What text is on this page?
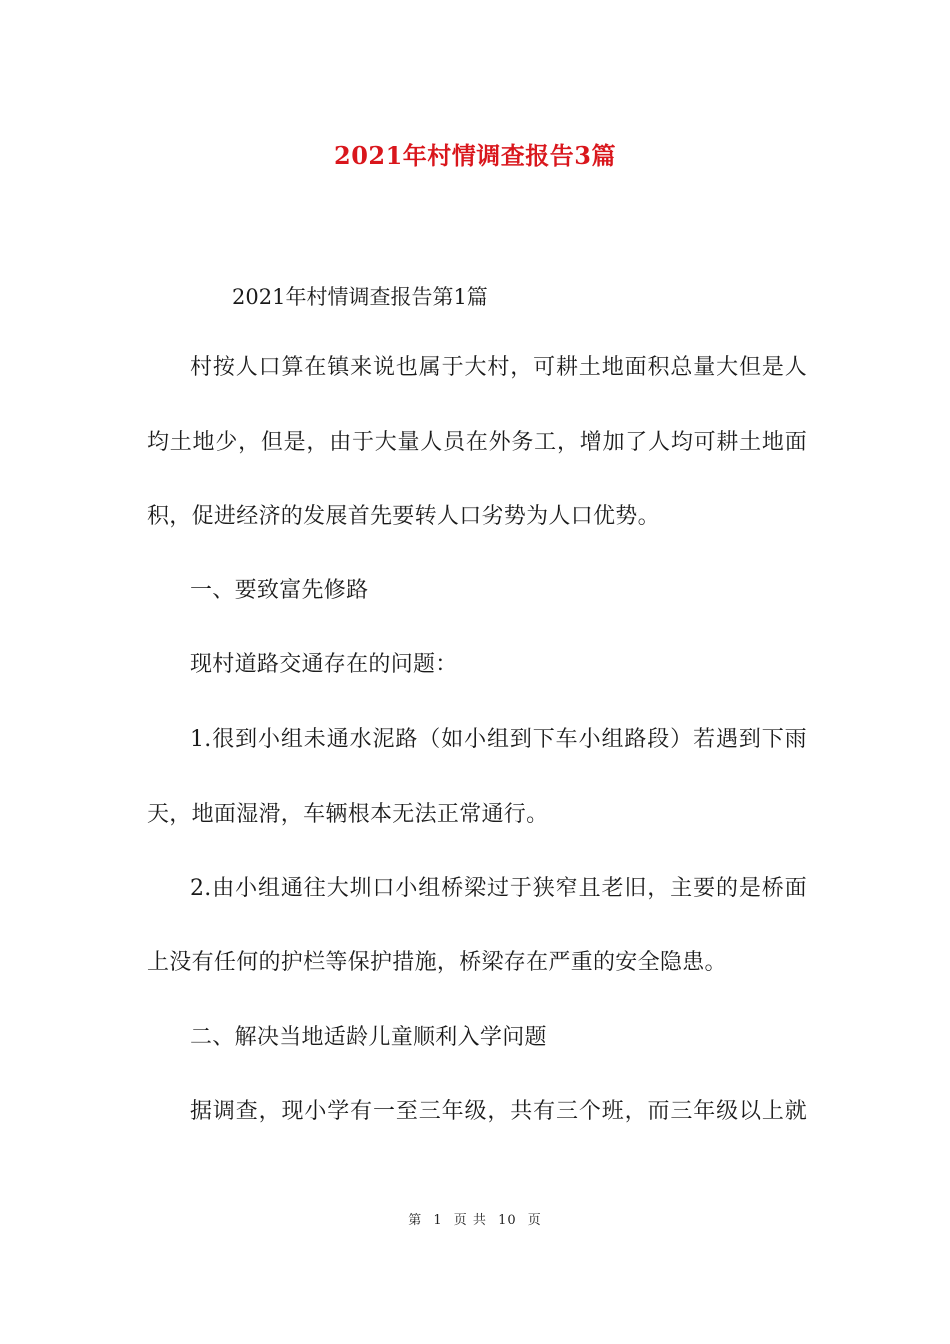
2021年村情调查报告3篇
2021年村情调查报告第1篇
村按人口算在镇来说也属于大村，可耕土地面积总量大但是人
均土地少，但是，由于大量人员在外务工，增加了人均可耕土地面
积，促进经济的发展首先要转人口劣势为人口优势。
一、要致富先修路
现村道路交通存在的问题：
1.很到小组未通水泥路（如小组到下车小组路段）若遇到下雨
天，地面湿滑，车辆根本无法正常通行。
2.由小组通往大圳口小组桥梁过于狭窄且老旧，主要的是桥面
上没有任何的护栏等保护措施，桥梁存在严重的安全隐患。
二、解决当地适龄儿童顺利入学问题
据调查，现小学有一至三年级，共有三个班，而三年级以上就
第 1 页 共 10 页
